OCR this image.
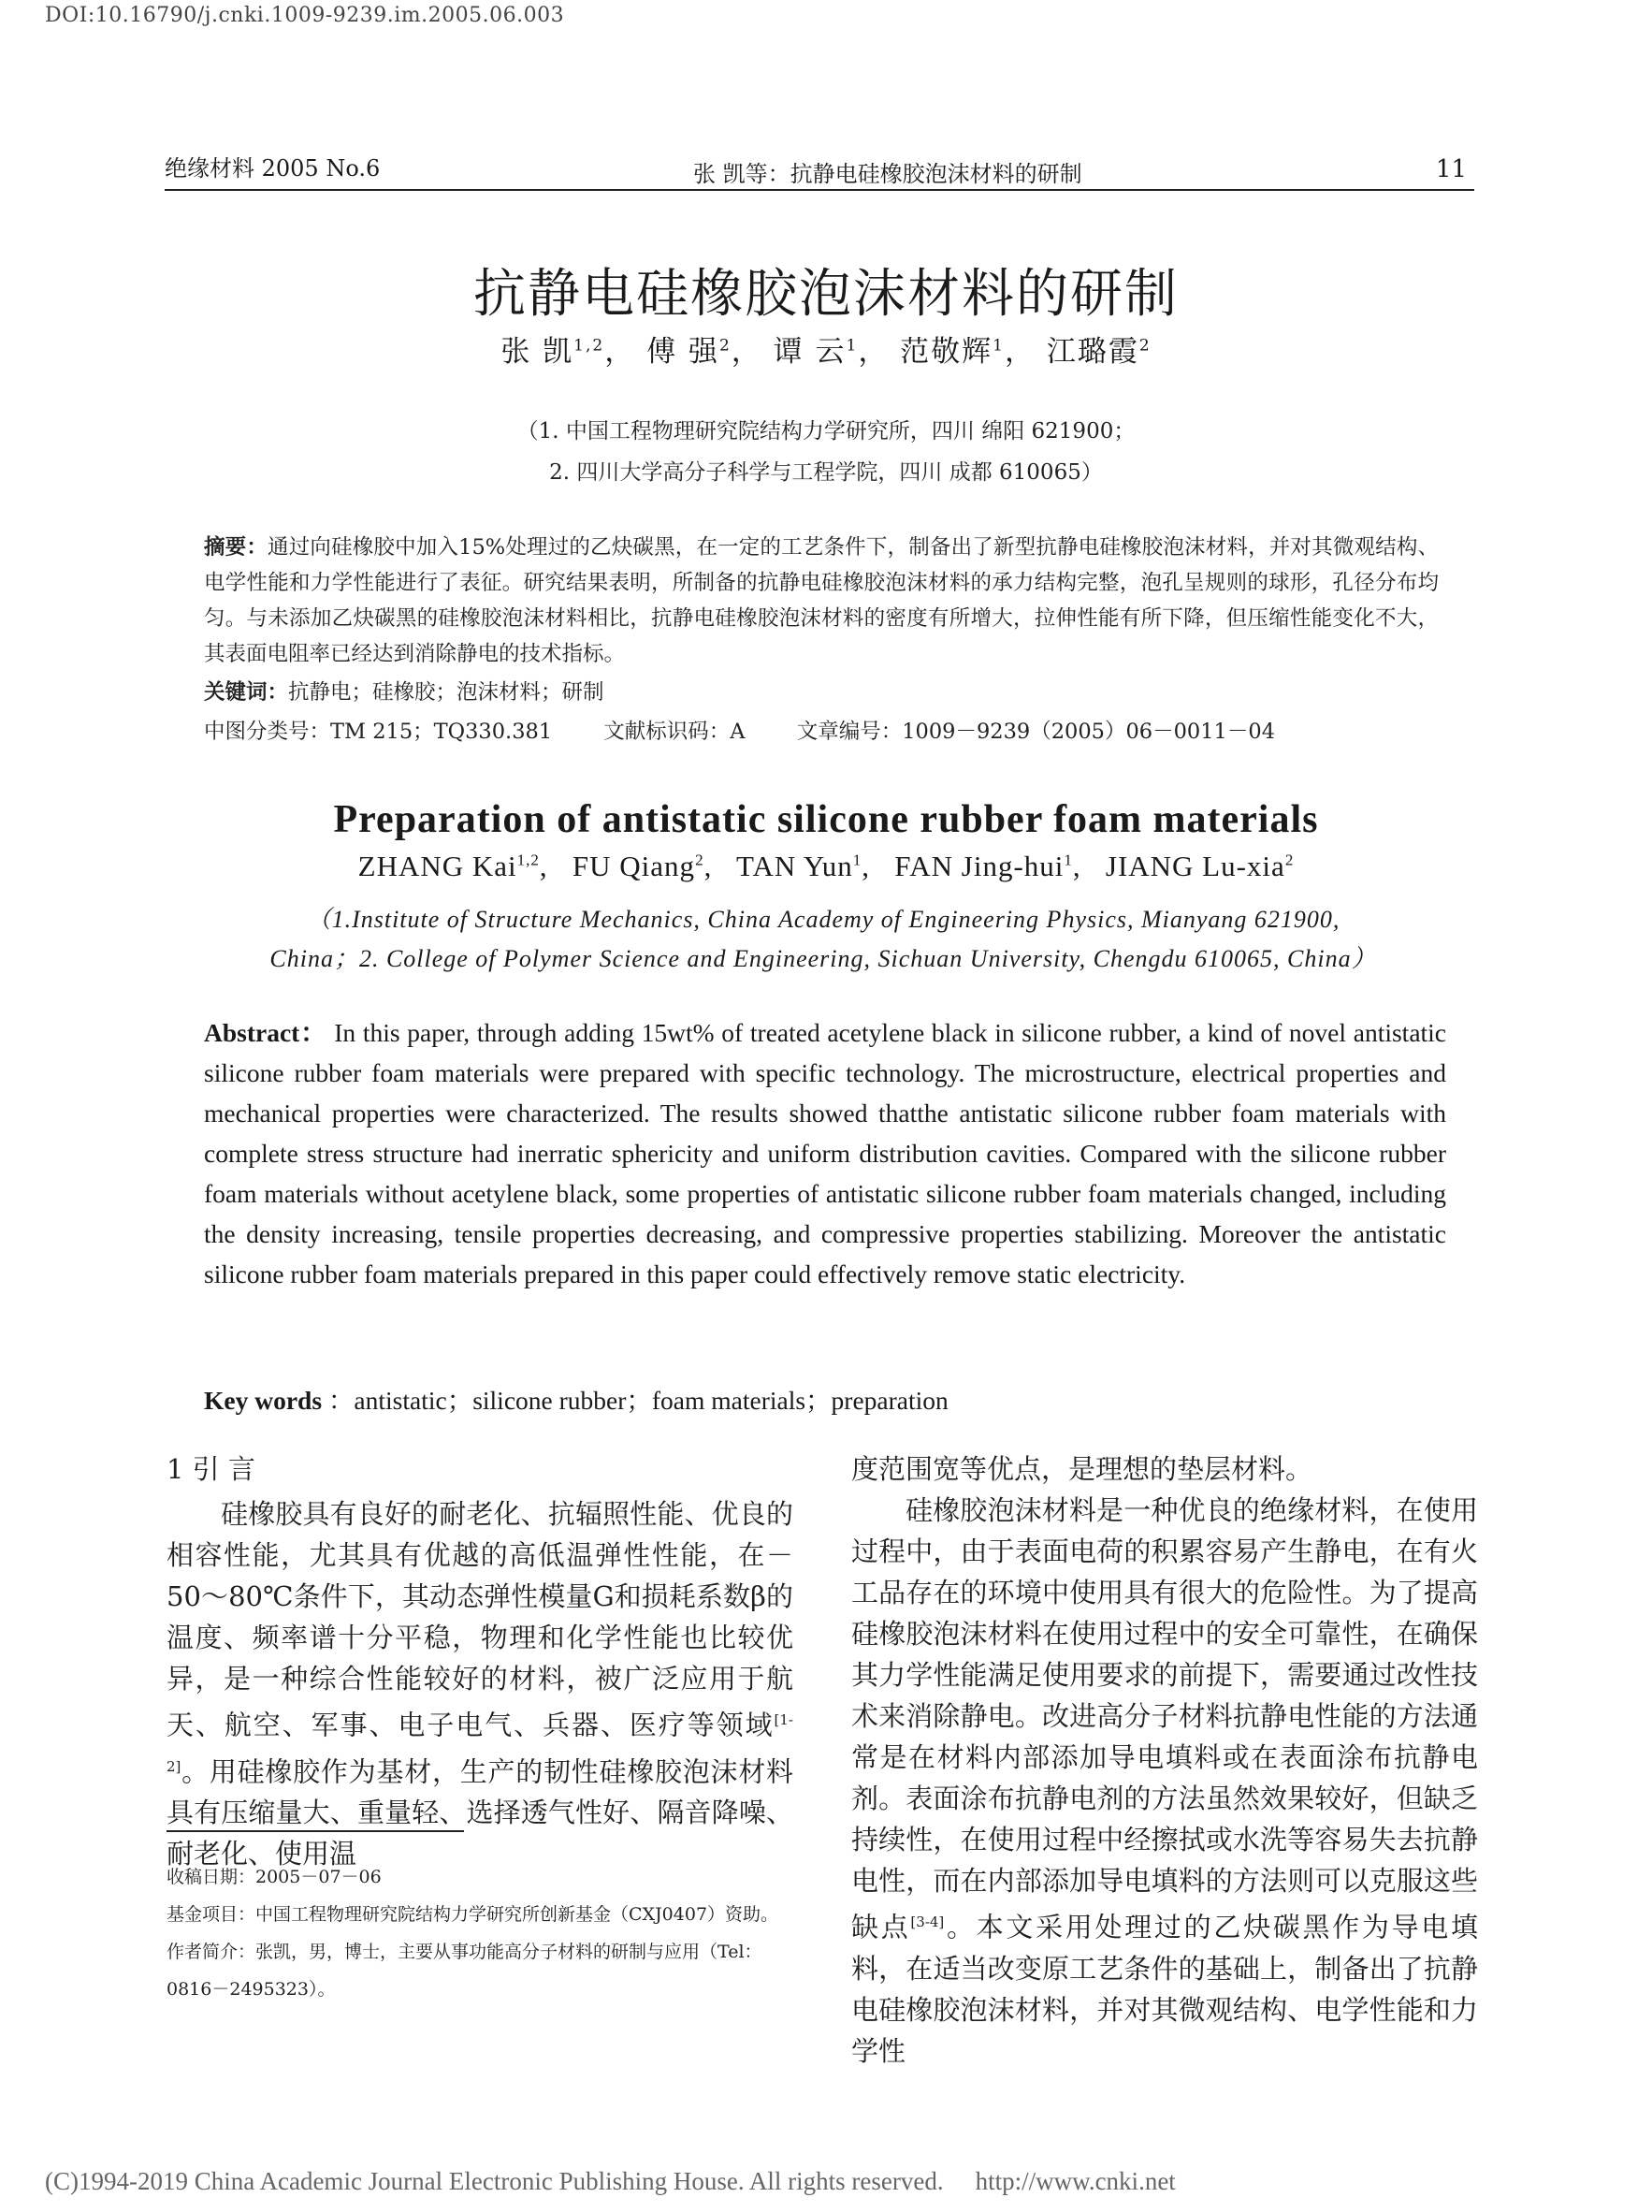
DOI:10.16790/j.cnki.1009-9239.im.2005.06.003
绝缘材料 2005 No.6	张 凯等：抗静电硅橡胶泡沫材料的研制	11
抗静电硅橡胶泡沫材料的研制
张 凯$^{1,2}$， 傅 强$^2$， 谭 云$^1$， 范敬辉$^1$， 江璐霞$^2$
（1. 中国工程物理研究院结构力学研究所，四川 绵阳 621900；
2. 四川大学高分子科学与工程学院，四川 成都 610065）
摘要：通过向硅橡胶中加入15%处理过的乙炔碳黑，在一定的工艺条件下，制备出了新型抗静电硅橡胶泡沫材料，并对其微观结构、电学性能和力学性能进行了表征。研究结果表明，所制备的抗静电硅橡胶泡沫材料的承力结构完整，泡孔呈规则的球形，孔径分布均匀。与未添加乙炔碳黑的硅橡胶泡沫材料相比，抗静电硅橡胶泡沫材料的密度有所增大，拉伸性能有所下降，但压缩性能变化不大，其表面电阻率已经达到消除静电的技术指标。
关键词：抗静电；硅橡胶；泡沫材料；研制
中图分类号：TM 215；TQ330.381 文献标识码：A 文章编号：1009－9239（2005）06－0011－04
Preparation of antistatic silicone rubber foam materials
ZHANG Kai$^{1,2}$,   FU Qiang$^2$,   TAN Yun$^1$,   FAN Jing-hui$^1$,   JIANG Lu-xia$^2$
（1.Institute of Structure Mechanics, China Academy of Engineering Physics, Mianyang 621900,
China；2. College of Polymer Science and Engineering, Sichuan University, Chengdu 610065, China）
Abstract： In this paper, through adding 15wt% of treated acetylene black in silicone rubber, a kind of novel antistatic silicone rubber foam materials were prepared with specific technology. The microstructure, electrical properties and mechanical properties were characterized. The results showed thatthe antistatic silicone rubber foam materials with complete stress structure had inerratic sphericity and uniform distribution cavities. Compared with the silicone rubber foam materials without acetylene black, some properties of antistatic silicone rubber foam materials changed, including the density increasing, tensile properties decreasing, and compressive properties stabilizing. Moreover the antistatic silicone rubber foam materials prepared in this paper could effectively remove static electricity.
Key words ：antistatic；silicone rubber；foam materials；preparation
1 引 言

硅橡胶具有良好的耐老化、抗辐照性能、优良的相容性能，尤其具有优越的高低温弹性性能，在－50～80℃条件下，其动态弹性模量G和损耗系数β的温度、频率谱十分平稳，物理和化学性能也比较优异，是一种综合性能较好的材料，被广泛应用于航天、航空、军事、电子电气、兵器、医疗等领域[1-2]。用硅橡胶作为基材，生产的韧性硅橡胶泡沫材料具有压缩量大、重量轻、选择透气性好、隔音降噪、耐老化、使用温

收稿日期：2005－07－06

基金项目：中国工程物理研究院结构力学研究所创新基金（CXJ0407）资助。

作者简介：张凯，男，博士，主要从事功能高分子材料的研制与应用（Tel：0816－2495323）。

度范围宽等优点，是理想的垫层材料。

硅橡胶泡沫材料是一种优良的绝缘材料，在使用过程中，由于表面电荷的积累容易产生静电，在有火工品存在的环境中使用具有很大的危险性。为了提高硅橡胶泡沫材料在使用过程中的安全可靠性，在确保其力学性能满足使用要求的前提下，需要通过改性技术来消除静电。改进高分子材料抗静电性能的方法通常是在材料内部添加导电填料或在表面涂布抗静电剂。表面涂布抗静电剂的方法虽然效果较好，但缺乏持续性，在使用过程中经擦拭或水洗等容易失去抗静电性，而在内部添加导电填料的方法则可以克服这些缺点[3-4]。本文采用处理过的乙炔碳黑作为导电填料，在适当改变原工艺条件的基础上，制备出了抗静电硅橡胶泡沫材料，并对其微观结构、电学性能和力学性

(C)1994-2019 China Academic Journal Electronic Publishing House. All rights reserved. http://www.cnki.net
